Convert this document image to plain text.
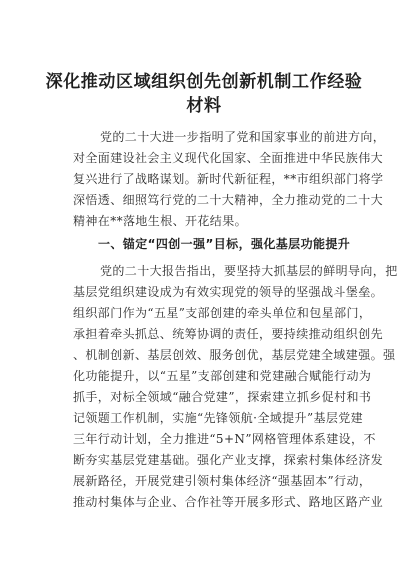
深化推动区域组织创先创新机制工作经验
材料

党的二十大进一步指明了党和国家事业的前进方向，

对全面建设社会主义现代化国家、全面推进中华民族伟大

复兴进行了战略谋划。新时代新征程，**市组织部门将学

深悟透、细照笃行党的二十大精神，全力推动党的二十大

精神在**落地生根、开花结果。

一、锚定“四创一强”目标，强化基层功能提升

党的二十大报告指出，要坚持大抓基层的鲜明导向，把

基层党组织建设成为有效实现党的领导的坚强战斗堡垒。

组织部门作为“五星”支部创建的牵头单位和包星部门，

承担着牵头抓总、统筹协调的责任，要持续推动组织创先

、机制创新、基层创效、服务创优，基层党建全域建强。强

化功能提升，以“五星”支部创建和党建融合赋能行动为

抓手，对标全领域“融合党建”，探索建立抓乡促村和书

记领题工作机制，实施“先锋领航·全域提升”基层党建

三年行动计划，全力推进“5+N”网格管理体系建设，不

断夯实基层党建基础。强化产业支撑，探索村集体经济发

展新路径，开展党建引领村集体经济“强基固本”行动，

推动村集体与企业、合作社等开展多形式、路地区路产业
